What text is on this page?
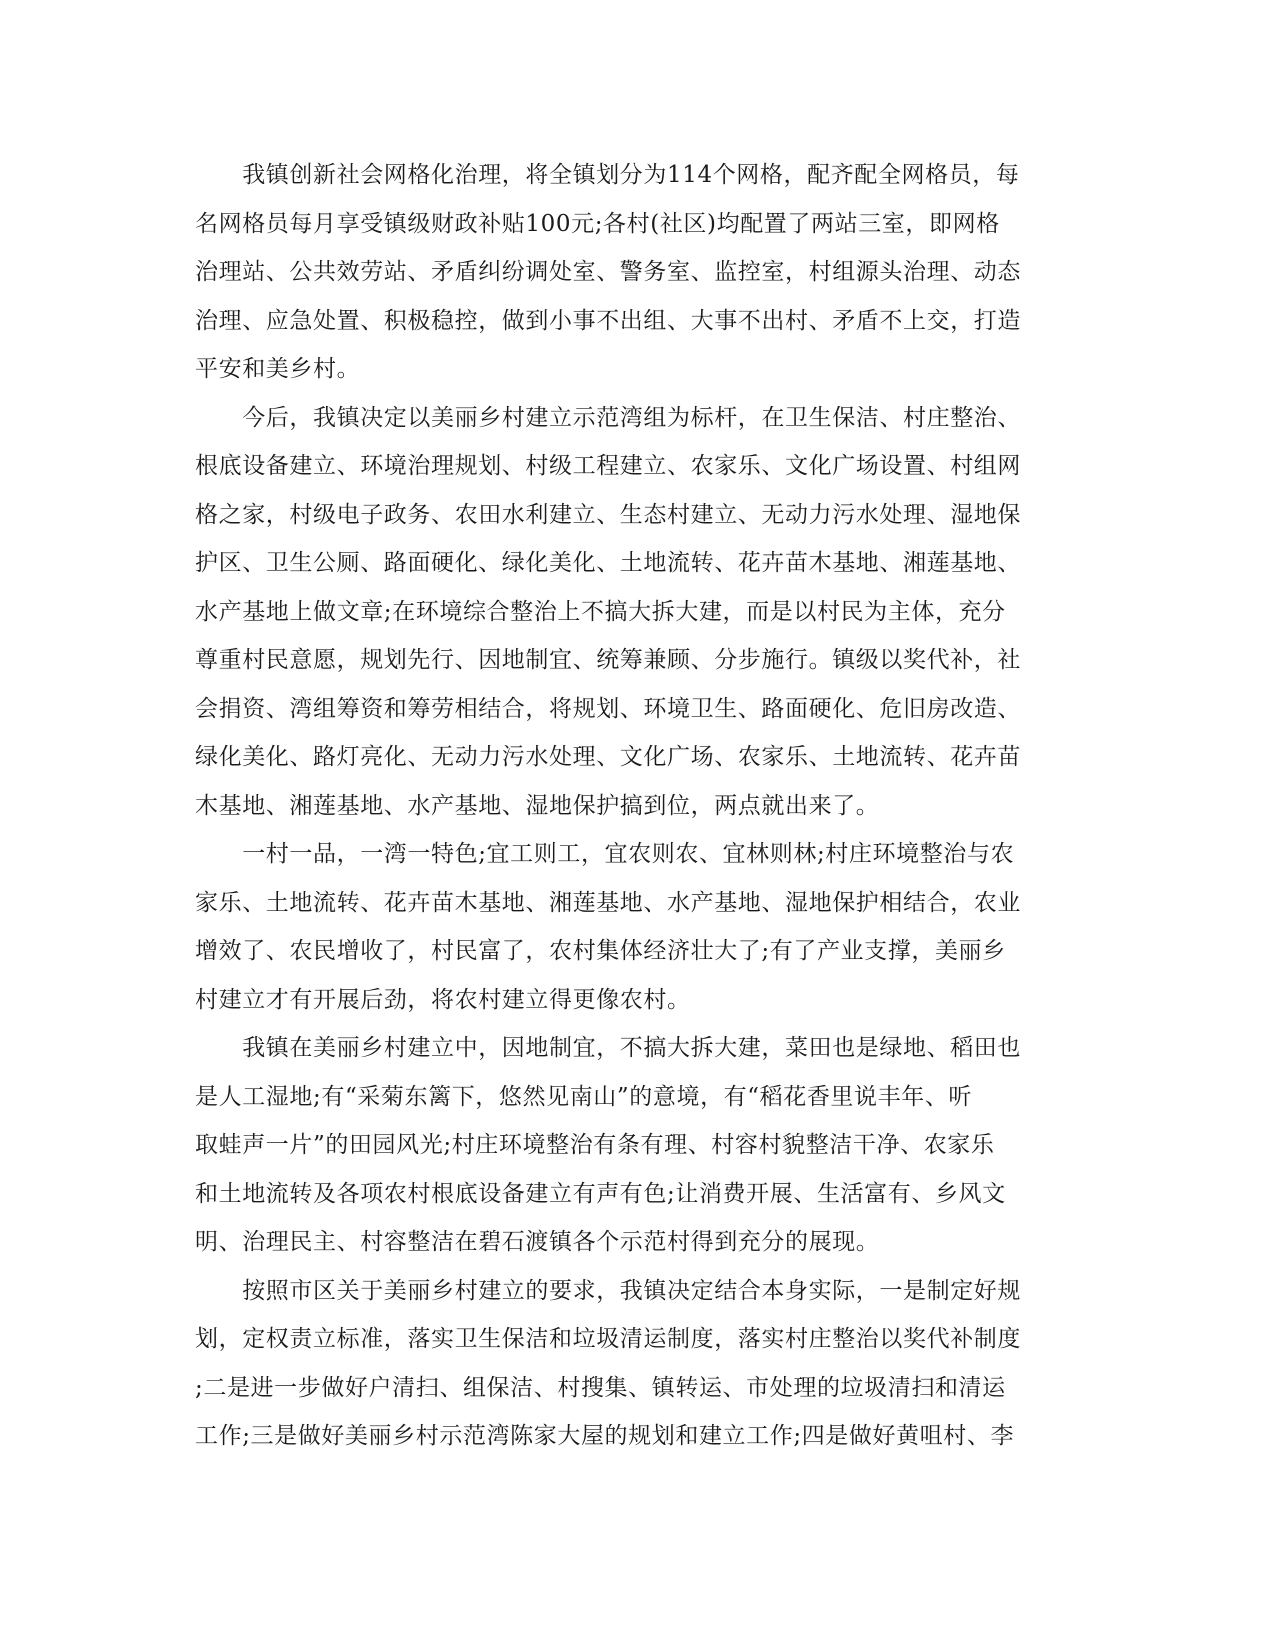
　　我镇创新社会网格化治理，将全镇划分为114个网格，配齐配全网格员，每
名网格员每月享受镇级财政补贴100元;各村(社区)均配置了两站三室，即网格
治理站、公共效劳站、矛盾纠纷调处室、警务室、监控室，村组源头治理、动态
治理、应急处置、积极稳控，做到小事不出组、大事不出村、矛盾不上交，打造
平安和美乡村。
　　今后，我镇决定以美丽乡村建立示范湾组为标杆，在卫生保洁、村庄整治、
根底设备建立、环境治理规划、村级工程建立、农家乐、文化广场设置、村组网
格之家，村级电子政务、农田水利建立、生态村建立、无动力污水处理、湿地保
护区、卫生公厕、路面硬化、绿化美化、土地流转、花卉苗木基地、湘莲基地、
水产基地上做文章;在环境综合整治上不搞大拆大建，而是以村民为主体，充分
尊重村民意愿，规划先行、因地制宜、统筹兼顾、分步施行。镇级以奖代补，社
会捐资、湾组筹资和筹劳相结合，将规划、环境卫生、路面硬化、危旧房改造、
绿化美化、路灯亮化、无动力污水处理、文化广场、农家乐、土地流转、花卉苗
木基地、湘莲基地、水产基地、湿地保护搞到位，两点就出来了。
　　一村一品，一湾一特色;宜工则工，宜农则农、宜林则林;村庄环境整治与农
家乐、土地流转、花卉苗木基地、湘莲基地、水产基地、湿地保护相结合，农业
增效了、农民增收了，村民富了，农村集体经济壮大了;有了产业支撑，美丽乡
村建立才有开展后劲，将农村建立得更像农村。
　　我镇在美丽乡村建立中，因地制宜，不搞大拆大建，菜田也是绿地、稻田也
是人工湿地;有“采菊东篱下，悠然见南山”的意境，有“稻花香里说丰年、听
取蛙声一片”的田园风光;村庄环境整治有条有理、村容村貌整洁干净、农家乐
和土地流转及各项农村根底设备建立有声有色;让消费开展、生活富有、乡风文
明、治理民主、村容整洁在碧石渡镇各个示范村得到充分的展现。
　　按照市区关于美丽乡村建立的要求，我镇决定结合本身实际，一是制定好规
划，定权责立标准，落实卫生保洁和垃圾清运制度，落实村庄整治以奖代补制度
;二是进一步做好户清扫、组保洁、村搜集、镇转运、市处理的垃圾清扫和清运
工作;三是做好美丽乡村示范湾陈家大屋的规划和建立工作;四是做好黄咀村、李
